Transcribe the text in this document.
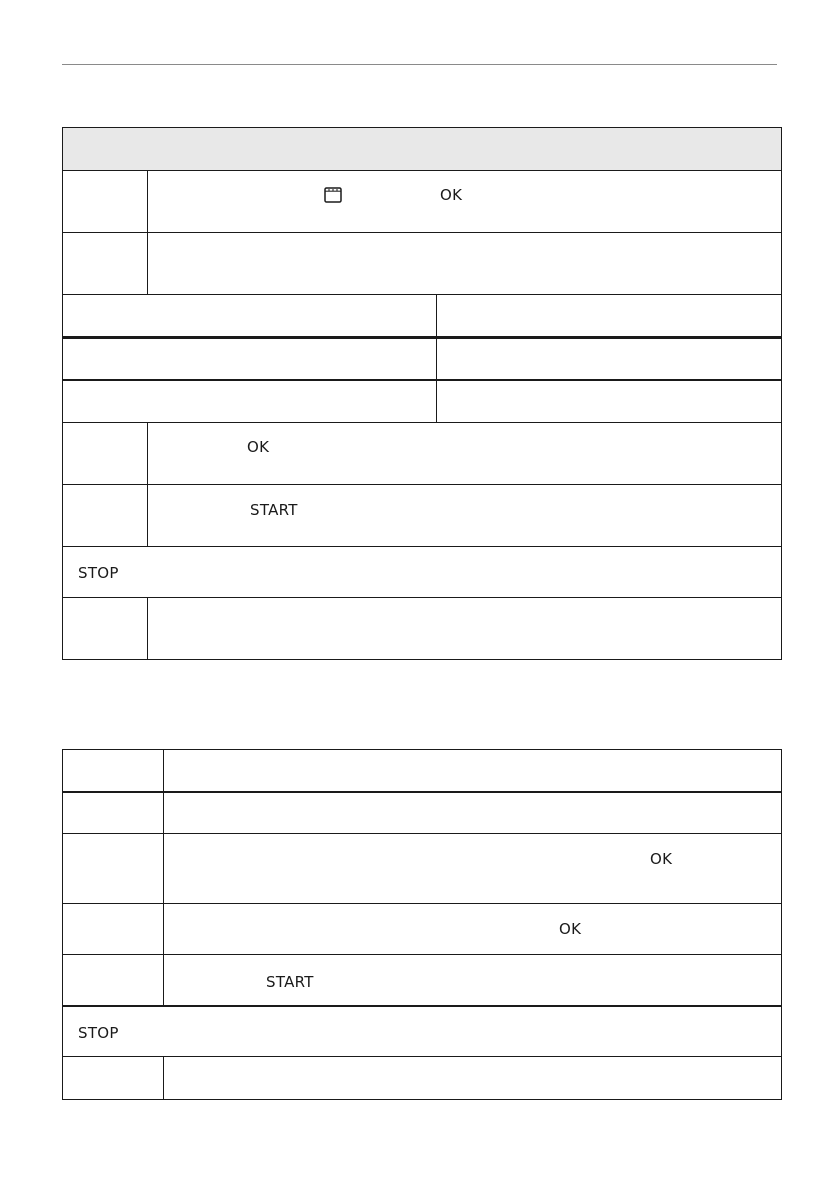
OK
OK
START
STOP
OK
OK
START
STOP
